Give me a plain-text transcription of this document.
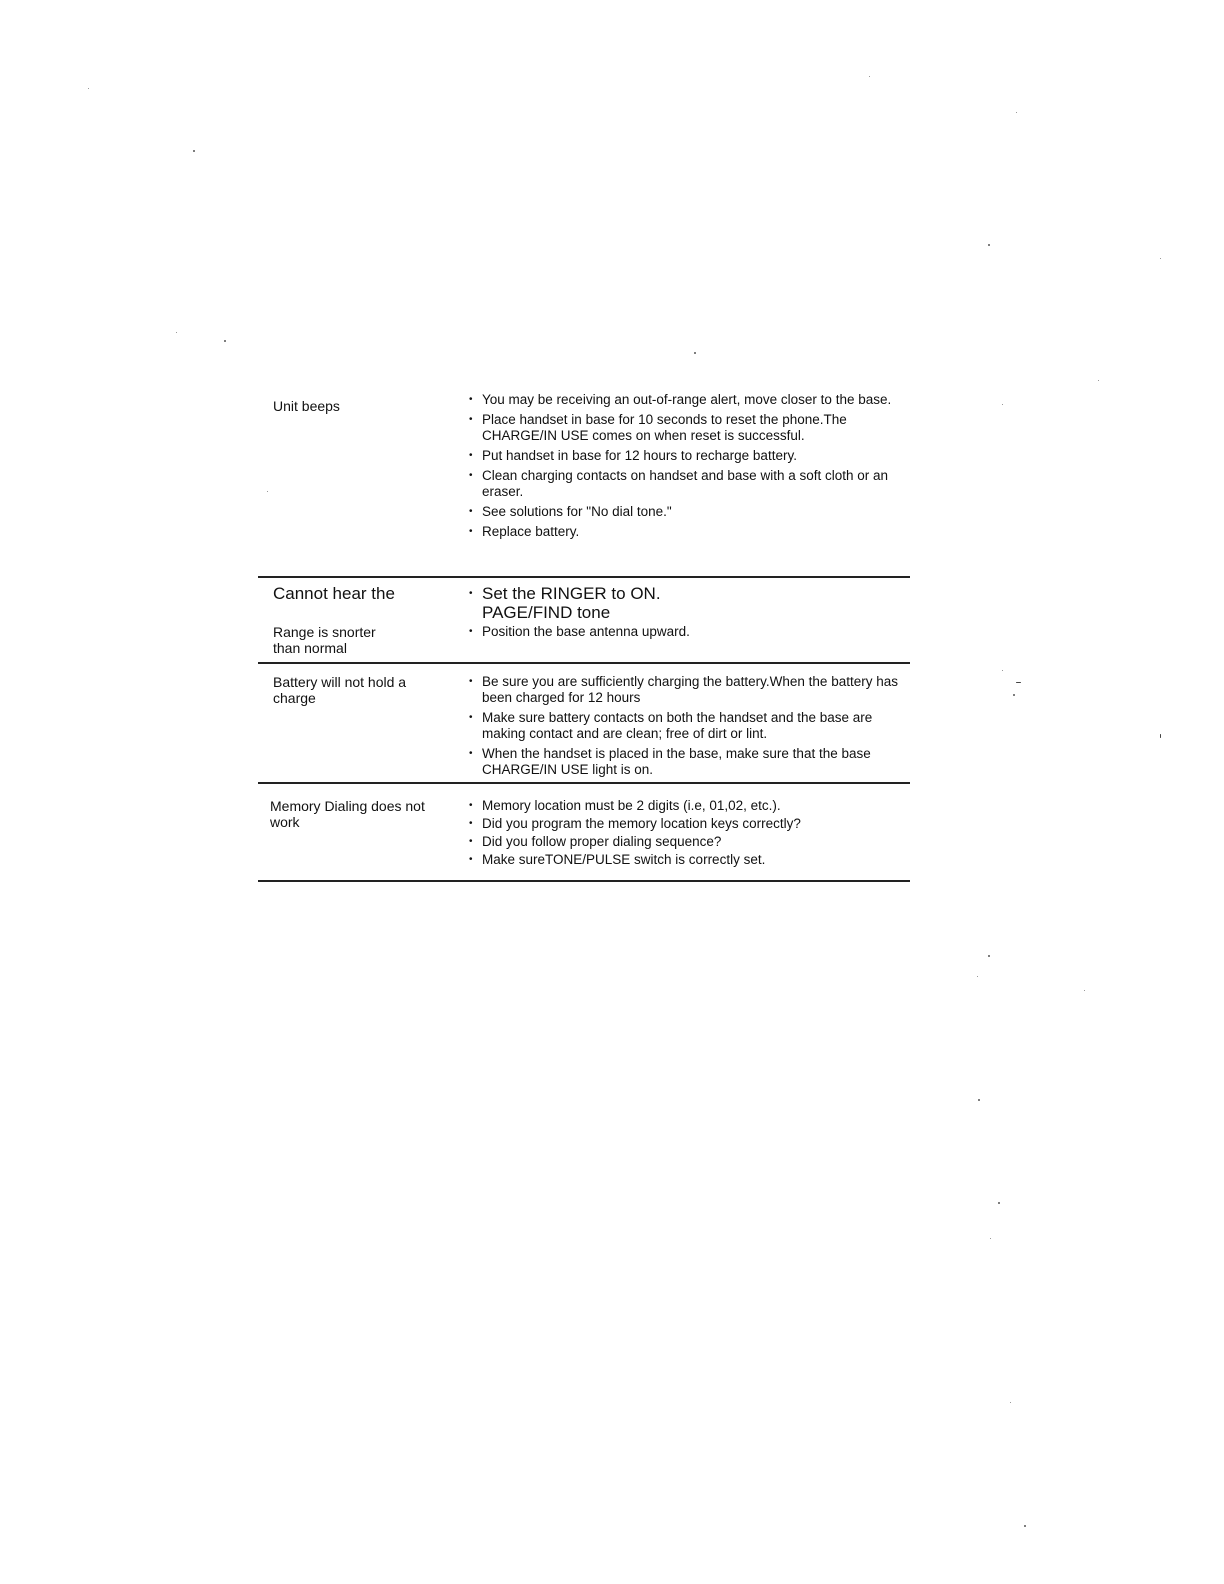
Unit beeps	• You may be receiving an out-of-range alert, move closer to the base.
• Place handset in base for 10 seconds to reset the phone.The CHARGE/IN USE comes on when reset is successful.
• Put handset in base for 12 hours to recharge battery.
• Clean charging contacts on handset and base with a soft cloth or an eraser.
• See solutions for "No dial tone."
• Replace battery.
Cannot hear the	• Set the RINGER to ON.
PAGE/FIND tone
Range is snorter than normal
• Position the base antenna upward.
Battery will not hold a charge
• Be sure you are sufficiently charging the battery.When the battery has been charged for 12 hours
• Make sure battery contacts on both the handset and the base are making contact and are clean; free of dirt or lint.
• When the handset is placed in the base, make sure that the base CHARGE/IN USE light is on.
Memory Dialing does not work
• Memory location must be 2 digits (i.e, 01,02, etc.).
• Did you program the memory location keys correctly?
• Did you follow proper dialing sequence?
• Make sureTONE/PULSE switch is correctly set.
